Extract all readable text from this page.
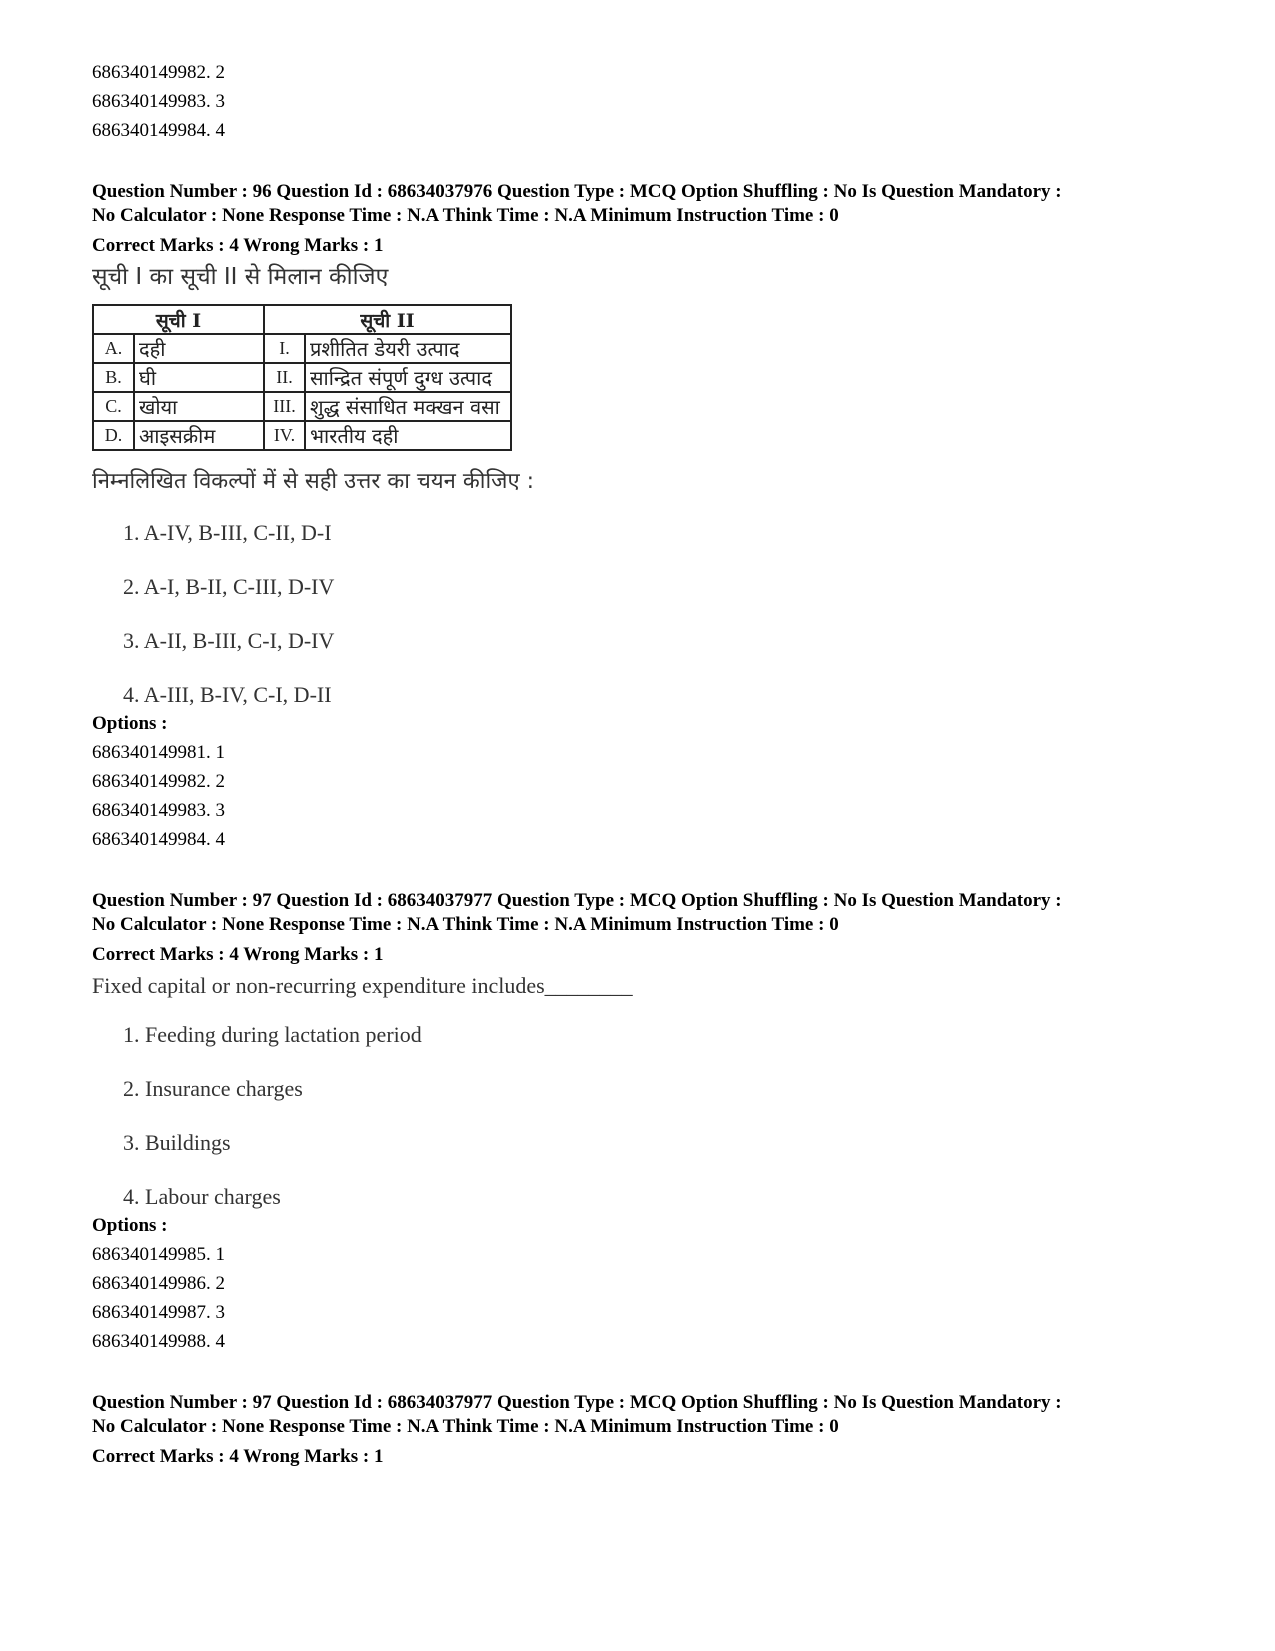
686340149982. 2

686340149983. 3

686340149984. 4

Question Number : 96 Question Id : 68634037976 Question Type : MCQ Option Shuffling : No Is Question Mandatory :

No Calculator : None Response Time : N.A Think Time : N.A Minimum Instruction Time : 0

Correct Marks : 4 Wrong Marks : 1

सूची I का सूची II से मिलान कीजिए

सूची I		सूची II	
A.	दही	I.	प्रशीतित डेयरी उत्पाद
B.	घी	II.	सान्द्रित संपूर्ण दुग्ध उत्पाद
C.	खोया	III.	शुद्ध संसाधित मक्खन वसा
D.	आइसक्रीम	IV.	भारतीय दही

निम्नलिखित विकल्पों में से सही उत्तर का चयन कीजिए :

1. A-IV, B-III, C-II, D-I

2. A-I, B-II, C-III, D-IV

3. A-II, B-III, C-I, D-IV

4. A-III, B-IV, C-I, D-II

Options :

686340149981. 1

686340149982. 2

686340149983. 3

686340149984. 4

Question Number : 97 Question Id : 68634037977 Question Type : MCQ Option Shuffling : No Is Question Mandatory :

No Calculator : None Response Time : N.A Think Time : N.A Minimum Instruction Time : 0

Correct Marks : 4 Wrong Marks : 1

Fixed capital or non-recurring expenditure includes________

1. Feeding during lactation period

2. Insurance charges

3. Buildings

4. Labour charges

Options :

686340149985. 1

686340149986. 2

686340149987. 3

686340149988. 4

Question Number : 97 Question Id : 68634037977 Question Type : MCQ Option Shuffling : No Is Question Mandatory :

No Calculator : None Response Time : N.A Think Time : N.A Minimum Instruction Time : 0

Correct Marks : 4 Wrong Marks : 1
